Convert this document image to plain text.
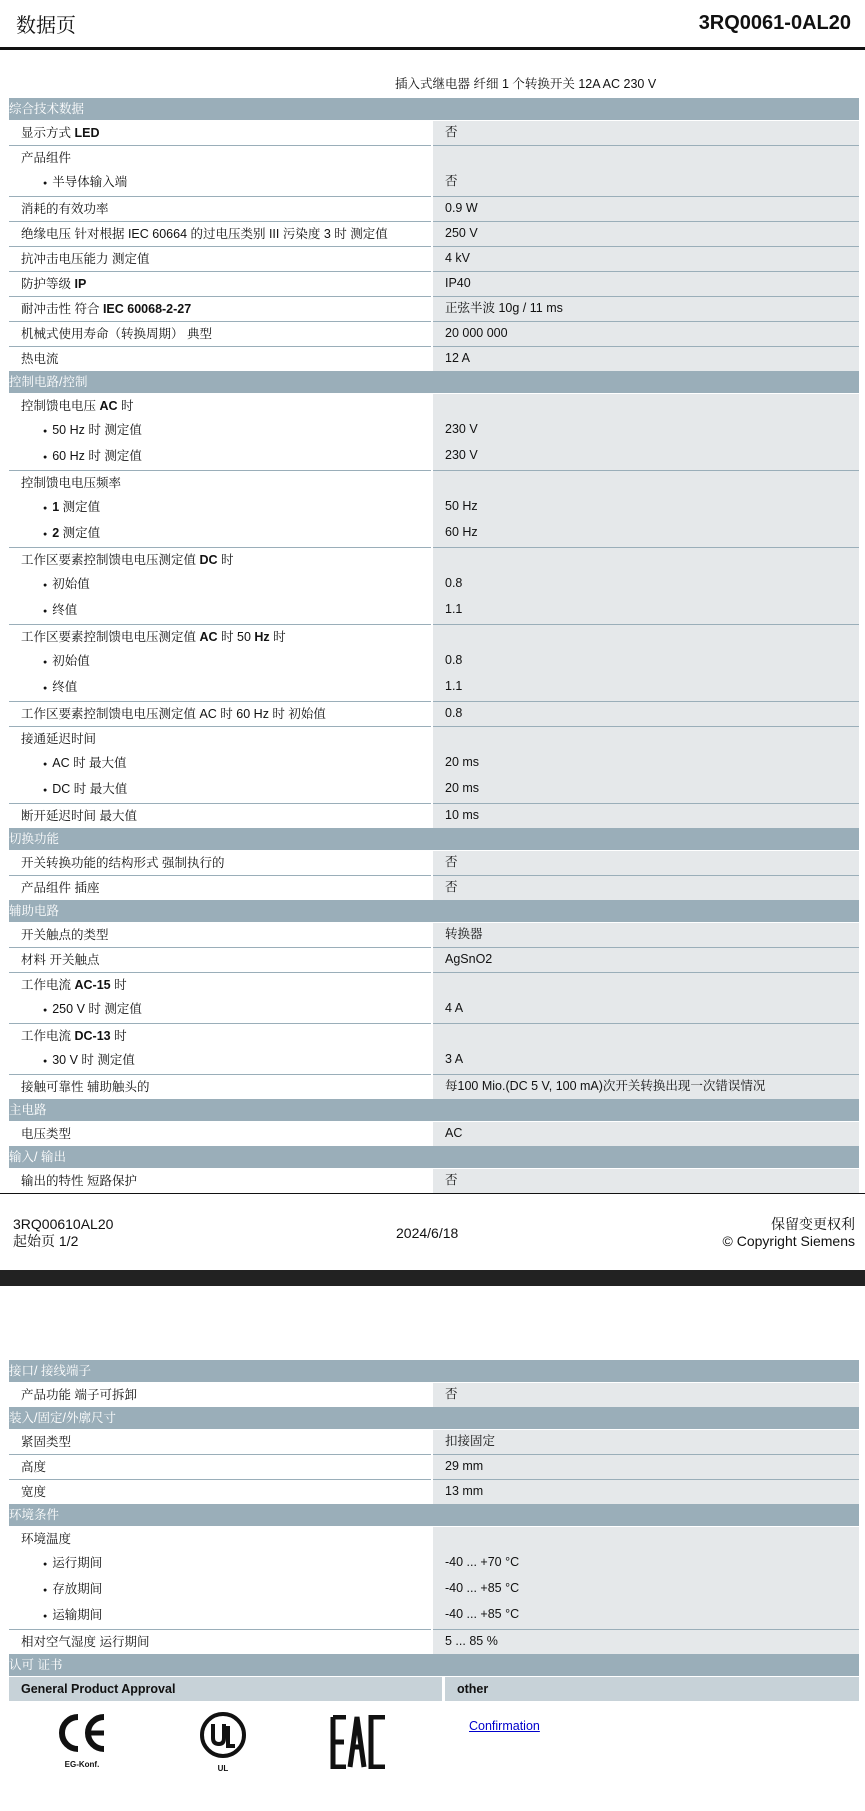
数据页	3RQ0061-0AL20
插入式继电器 纤细 1 个转换开关 12A AC 230 V
综合技术数据	
显示方式 LED	否
产品组件	
● 半导体输入端	否
消耗的有效功率	0.9 W
绝缘电压 针对根据 IEC 60664 的过电压类别 III 污染度 3 时 测定值	250 V
抗冲击电压能力 测定值	4 kV
防护等级 IP	IP40
耐冲击性 符合 IEC 60068-2-27	正弦半波 10g / 11 ms
机械式使用寿命（转换周期） 典型	20 000 000
热电流	12 A
控制电路/控制	
控制馈电电压 AC 时	
● 50 Hz 时 测定值	230 V
● 60 Hz 时 测定值	230 V
控制馈电电压频率	
● 1 测定值	50 Hz
● 2 测定值	60 Hz
工作区要素控制馈电电压测定值 DC 时	
● 初始值	0.8
● 终值	1.1
工作区要素控制馈电电压测定值 AC 时 50 Hz 时	
● 初始值	0.8
● 终值	1.1
工作区要素控制馈电电压测定值 AC 时 60 Hz 时 初始值	0.8
接通延迟时间	
● AC 时 最大值	20 ms
● DC 时 最大值	20 ms
断开延迟时间 最大值	10 ms
切换功能	
开关转换功能的结构形式 强制执行的	否
产品组件 插座	否
辅助电路	
开关触点的类型	转换器
材料 开关触点	AgSnO2
工作电流 AC-15 时	
● 250 V 时 测定值	4 A
工作电流 DC-13 时	
● 30 V 时 测定值	3 A
接触可靠性 辅助触头的	每100 Mio.(DC 5 V, 100 mA)次开关转换出现一次错误情况
主电路	
电压类型	AC
输入/ 输出	
输出的特性 短路保护	否
3RQ00610AL20
起始页 1/2	2024/6/18
保留变更权利
© Copyright Siemens
接口/ 接线端子	
产品功能 端子可拆卸	否
装入/固定/外廓尺寸	
紧固类型	扣接固定
高度	29 mm
宽度	13 mm
环境条件	
环境温度	
● 运行期间	-40 ... +70 °C
● 存放期间	-40 ... +85 °C
● 运输期间	-40 ... +85 °C
相对空气湿度 运行期间	5 ... 85 %
认可 证书	
General Product Approval	other
EG-Konf.	UL
Confirmation
